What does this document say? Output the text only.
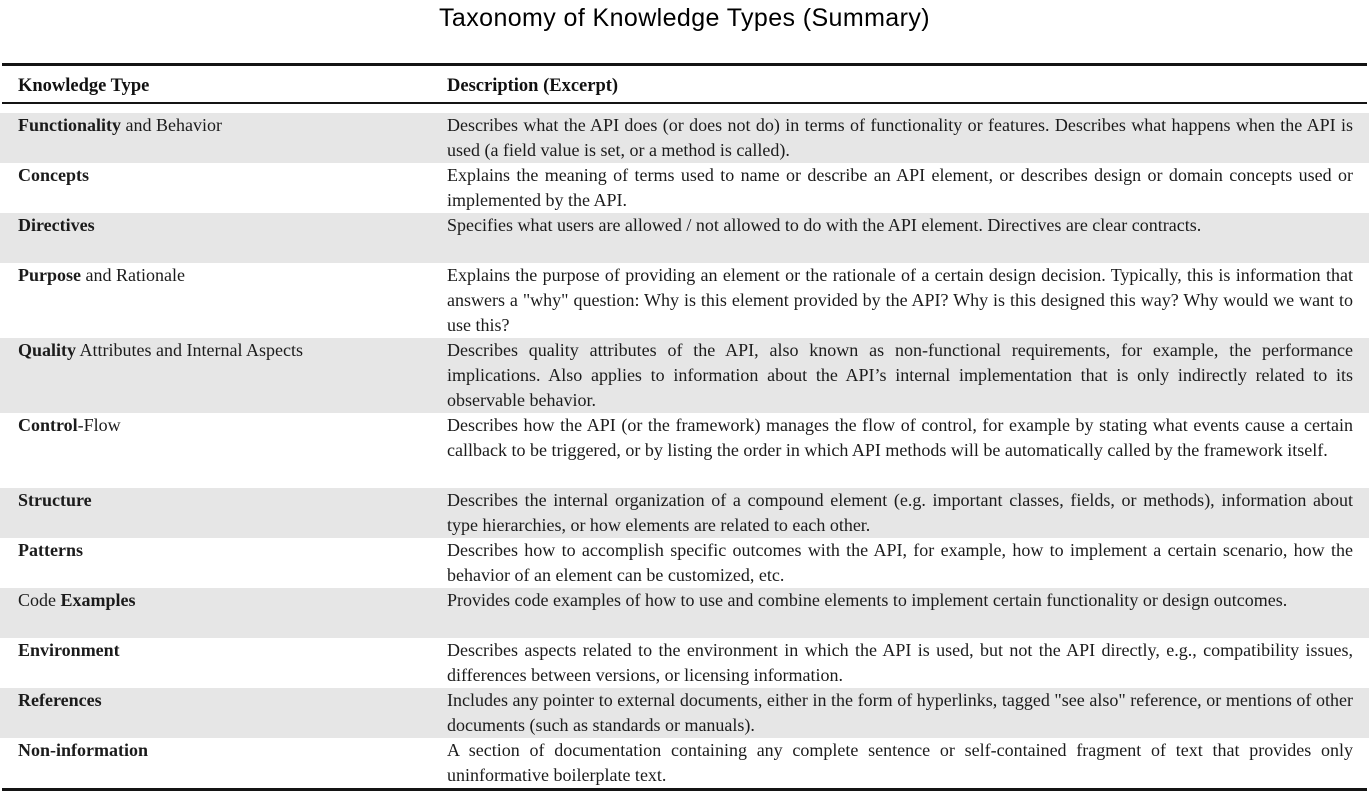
Taxonomy of Knowledge Types (Summary)
Knowledge Type	Description (Excerpt)
Functionality and Behavior	Describes what the API does (or does not do) in terms of functionality or features. Describes what happens when the API is used (a field value is set, or a method is called).
Concepts	Explains the meaning of terms used to name or describe an API element, or describes design or domain concepts used or implemented by the API.
Directives	Specifies what users are allowed / not allowed to do with the API element. Directives are clear contracts.
Purpose and Rationale	Explains the purpose of providing an element or the rationale of a certain design decision. Typically, this is information that answers a "why" question: Why is this element provided by the API? Why is this designed this way? Why would we want to use this?
Quality Attributes and Internal Aspects	Describes quality attributes of the API, also known as non-functional requirements, for example, the performance implications. Also applies to information about the API’s internal implementation that is only indirectly related to its observable behavior.
Control-Flow	Describes how the API (or the framework) manages the flow of control, for example by stating what events cause a certain callback to be triggered, or by listing the order in which API methods will be automatically called by the framework itself.
Structure	Describes the internal organization of a compound element (e.g. important classes, fields, or methods), information about type hierarchies, or how elements are related to each other.
Patterns	Describes how to accomplish specific outcomes with the API, for example, how to implement a certain scenario, how the behavior of an element can be customized, etc.
Code Examples	Provides code examples of how to use and combine elements to implement certain functionality or design outcomes.
Environment	Describes aspects related to the environment in which the API is used, but not the API directly, e.g., compatibility issues, differences between versions, or licensing information.
References	Includes any pointer to external documents, either in the form of hyperlinks, tagged "see also" reference, or mentions of other documents (such as standards or manuals).
Non-information	A section of documentation containing any complete sentence or self-contained fragment of text that provides only uninformative boilerplate text.
